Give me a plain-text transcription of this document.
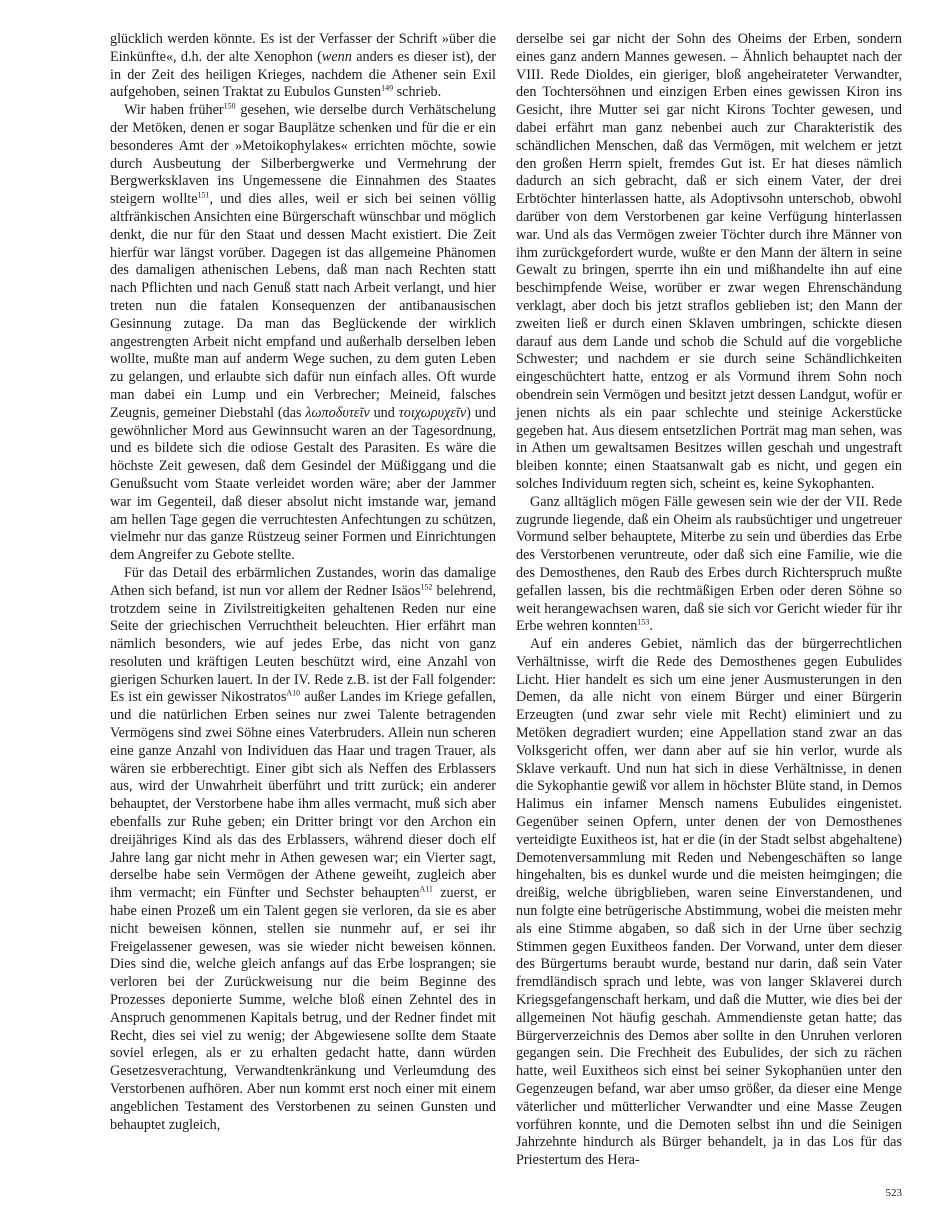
glücklich werden könnte. Es ist der Verfasser der Schrift »über die Einkünfte«, d.h. der alte Xenophon (wenn anders es dieser ist), der in der Zeit des heiligen Krieges, nachdem die Athener sein Exil aufgehoben, seinen Traktat zu Eubulos Gunsten$^{149}$ schrieb.

Wir haben früher$^{150}$ gesehen, wie derselbe durch Verhätschelung der Metöken, denen er sogar Bauplätze schenken und für die er ein besonderes Amt der »Metoikophylakes« errichten möchte, sowie durch Ausbeutung der Silberbergwerke und Vermehrung der Bergwerksklaven ins Ungemessene die Einnahmen des Staates steigern wollte$^{151}$, und dies alles, weil er sich bei seinen völlig altfränkischen Ansichten eine Bürgerschaft wünschbar und möglich denkt, die nur für den Staat und dessen Macht existiert. Die Zeit hierfür war längst vorüber. Dagegen ist das allgemeine Phänomen des damaligen athenischen Lebens, daß man nach Rechten statt nach Pflichten und nach Genuß statt nach Arbeit verlangt, und hier treten nun die fatalen Konsequenzen der antibanausischen Gesinnung zutage. Da man das Beglückende der wirklich angestrengten Arbeit nicht empfand und außerhalb derselben leben wollte, mußte man auf anderm Wege suchen, zu dem guten Leben zu gelangen, und erlaubte sich dafür nun einfach alles. Oft wurde man dabei ein Lump und ein Verbrecher; Meineid, falsches Zeugnis, gemeiner Diebstahl (das λωποδυτεῖν und τοιχωρυχεῖν) und gewöhnlicher Mord aus Gewinnsucht waren an der Tagesordnung, und es bildete sich die odiose Gestalt des Parasiten. Es wäre die höchste Zeit gewesen, daß dem Gesindel der Müßiggang und die Genußsucht vom Staate verleidet worden wäre; aber der Jammer war im Gegenteil, daß dieser absolut nicht imstande war, jemand am hellen Tage gegen die verruchtesten Anfechtungen zu schützen, vielmehr nur das ganze Rüstzeug seiner Formen und Einrichtungen dem Angreifer zu Gebote stellte.

Für das Detail des erbärmlichen Zustandes, worin das damalige Athen sich befand, ist nun vor allem der Redner Isäos$^{152}$ belehrend, trotzdem seine in Zivilstreitigkeiten gehaltenen Reden nur eine Seite der griechischen Verruchtheit beleuchten. Hier erfährt man nämlich besonders, wie auf jedes Erbe, das nicht von ganz resoluten und kräftigen Leuten beschützt wird, eine Anzahl von gierigen Schurken lauert. In der IV. Rede z.B. ist der Fall folgender: Es ist ein gewisser Nikostratos$^{A10}$ außer Landes im Kriege gefallen, und die natürlichen Erben seines nur zwei Talente betragenden Vermögens sind zwei Söhne eines Vaterbruders. Allein nun scheren eine ganze Anzahl von Individuen das Haar und tragen Trauer, als wären sie erbberechtigt. Einer gibt sich als Neffen des Erblassers aus, wird der Unwahrheit überführt und tritt zurück; ein anderer behauptet, der Verstorbene habe ihm alles vermacht, muß sich aber ebenfalls zur Ruhe geben; ein Dritter bringt vor den Archon ein dreijähriges Kind als das des Erblassers, während dieser doch elf Jahre lang gar nicht mehr in Athen gewesen war; ein Vierter sagt, derselbe habe sein Vermögen der Athene geweiht, zugleich aber ihm vermacht; ein Fünfter und Sechster behaupten$^{A11}$ zuerst, er habe einen Prozeß um ein Talent gegen sie verloren, da sie es aber nicht beweisen können, stellen sie nunmehr auf, er sei ihr Freigelassener gewesen, was sie wieder nicht beweisen können. Dies sind die, welche gleich anfangs auf das Erbe losprangen; sie verloren bei der Zurückweisung nur die beim Beginne des Prozesses deponierte Summe, welche bloß einen Zehntel des in Anspruch genommenen Kapitals betrug, und der Redner findet mit Recht, dies sei viel zu wenig; der Abgewiesene sollte dem Staate soviel erlegen, als er zu erhalten gedacht hatte, dann würden Gesetzesverachtung, Verwandtenkränkung und Verleumdung des Verstorbenen aufhören. Aber nun kommt erst noch einer mit einem angeblichen Testament des Verstorbenen zu seinen Gunsten und behauptet zugleich,

derselbe sei gar nicht der Sohn des Oheims der Erben, sondern eines ganz andern Mannes gewesen. – Ähnlich behauptet nach der VIII. Rede Dioldes, ein gieriger, bloß angeheirateter Verwandter, den Tochtersöhnen und einzigen Erben eines gewissen Kiron ins Gesicht, ihre Mutter sei gar nicht Kirons Tochter gewesen, und dabei erfährt man ganz nebenbei auch zur Charakteristik des schändlichen Menschen, daß das Vermögen, mit welchem er jetzt den großen Herrn spielt, fremdes Gut ist. Er hat dieses nämlich dadurch an sich gebracht, daß er sich einem Vater, der drei Erbtöchter hinterlassen hatte, als Adoptivsohn unterschob, obwohl darüber von dem Verstorbenen gar keine Verfügung hinterlassen war. Und als das Vermögen zweier Töchter durch ihre Männer von ihm zurückgefordert wurde, wußte er den Mann der ältern in seine Gewalt zu bringen, sperrte ihn ein und mißhandelte ihn auf eine beschimpfende Weise, worüber er zwar wegen Ehrenschändung verklagt, aber doch bis jetzt straflos geblieben ist; den Mann der zweiten ließ er durch einen Sklaven umbringen, schickte diesen darauf aus dem Lande und schob die Schuld auf die vorgebliche Schwester; und nachdem er sie durch seine Schändlichkeiten eingeschüchtert hatte, entzog er als Vormund ihrem Sohn noch obendrein sein Vermögen und besitzt jetzt dessen Landgut, wofür er jenen nichts als ein paar schlechte und steinige Ackerstücke gegeben hat. Aus diesem entsetzlichen Porträt mag man sehen, was in Athen um gewaltsamen Besitzes willen geschah und ungestraft bleiben konnte; einen Staatsanwalt gab es nicht, und gegen ein solches Individuum regten sich, scheint es, keine Sykophanten.

Ganz alltäglich mögen Fälle gewesen sein wie der der VII. Rede zugrunde liegende, daß ein Oheim als raubsüchtiger und ungetreuer Vormund selber behauptete, Miterbe zu sein und überdies das Erbe des Verstorbenen veruntreute, oder daß sich eine Familie, wie die des Demosthenes, den Raub des Erbes durch Richterspruch mußte gefallen lassen, bis die rechtmäßigen Erben oder deren Söhne so weit herangewachsen waren, daß sie sich vor Gericht wieder für ihr Erbe wehren konnten$^{153}$.

Auf ein anderes Gebiet, nämlich das der bürgerrechtlichen Verhältnisse, wirft die Rede des Demosthenes gegen Eubulides Licht. Hier handelt es sich um eine jener Ausmusterungen in den Demen, da alle nicht von einem Bürger und einer Bürgerin Erzeugten (und zwar sehr viele mit Recht) eliminiert und zu Metöken degradiert wurden; eine Appellation stand zwar an das Volksgericht offen, wer dann aber auf sie hin verlor, wurde als Sklave verkauft. Und nun hat sich in diese Verhältnisse, in denen die Sykophantie gewiß vor allem in höchster Blüte stand, in Demos Halimus ein infamer Mensch namens Eubulides eingenistet. Gegenüber seinen Opfern, unter denen der von Demosthenes verteidigte Euxitheos ist, hat er die (in der Stadt selbst abgehaltene) Demotenversammlung mit Reden und Nebengeschäften so lange hingehalten, bis es dunkel wurde und die meisten heimgingen; die dreißig, welche übrigblieben, waren seine Einverstandenen, und nun folgte eine betrügerische Abstimmung, wobei die meisten mehr als eine Stimme abgaben, so daß sich in der Urne über sechzig Stimmen gegen Euxitheos fanden. Der Vorwand, unter dem dieser des Bürgertums beraubt wurde, bestand nur darin, daß sein Vater fremdländisch sprach und lebte, was von langer Sklaverei durch Kriegsgefangenschaft herkam, und daß die Mutter, wie dies bei der allgemeinen Not häufig geschah. Ammendienste getan hatte; das Bürgerverzeichnis des Demos aber sollte in den Unruhen verloren gegangen sein. Die Frechheit des Eubulides, der sich zu rächen hatte, weil Euxitheos sich einst bei seiner Sykophanüen unter den Gegenzeugen befand, war aber umso größer, da dieser eine Menge väterlicher und mütterlicher Verwandter und eine Masse Zeugen vorführen konnte, und die Demoten selbst ihn und die Seinigen Jahrzehnte hindurch als Bürger behandelt, ja in das Los für das Priestertum des Hera-

523
